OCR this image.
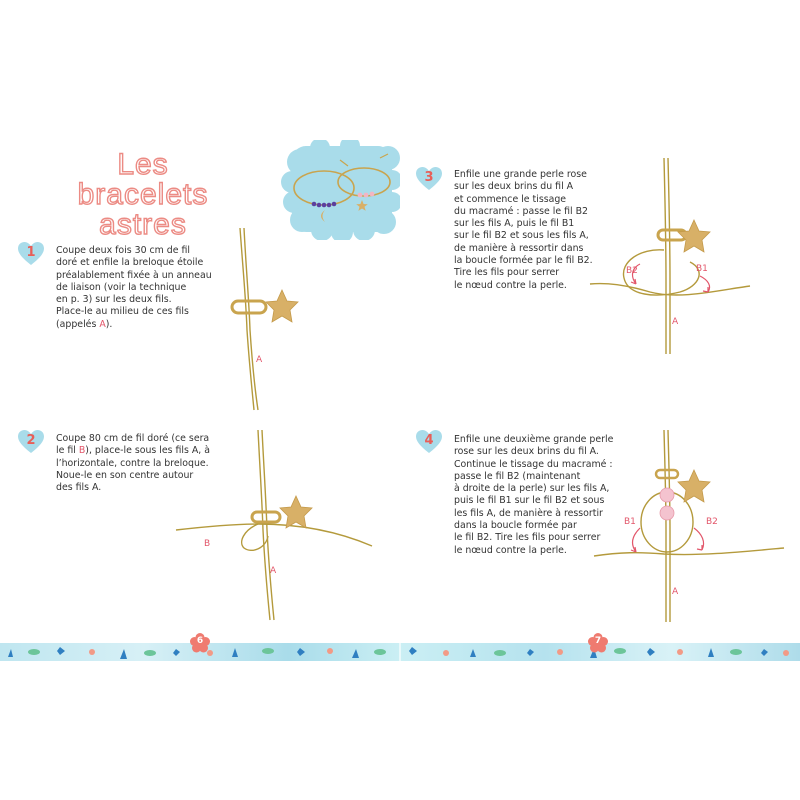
Les bracelets
astres
1	Coupe deux fois 30 cm de fil
doré et enfile la breloque étoile
préalablement fixée à un anneau
de liaison (voir la technique
en p. 3) sur les deux fils.
Place-le au milieu de ces fils
(appelés A).
A
2	Coupe 80 cm de fil doré (ce sera
le fil B), place-le sous les fils A, à
l’horizontale, contre la breloque.
Noue-le en son centre autour
des fils A.
B
A
3	Enfile une grande perle rose
sur les deux brins du fil A
et commence le tissage
du macramé : passe le fil B2
sur les fils A, puis le fil B1
sur le fil B2 et sous les fils A,
de manière à ressortir dans
la boucle formée par le fil B2.
Tire les fils pour serrer
le nœud contre la perle.
B2	B1
A
4	Enfile une deuxième grande perle
rose sur les deux brins du fil A.
Continue le tissage du macramé :
passe le fil B2 (maintenant
à droite de la perle) sur les fils A,
puis le fil B1 sur le fil B2 et sous
les fils A, de manière à ressortir
dans la boucle formée par
le fil B2. Tire les fils pour serrer
le nœud contre la perle.
B1	B2
A
6	7
